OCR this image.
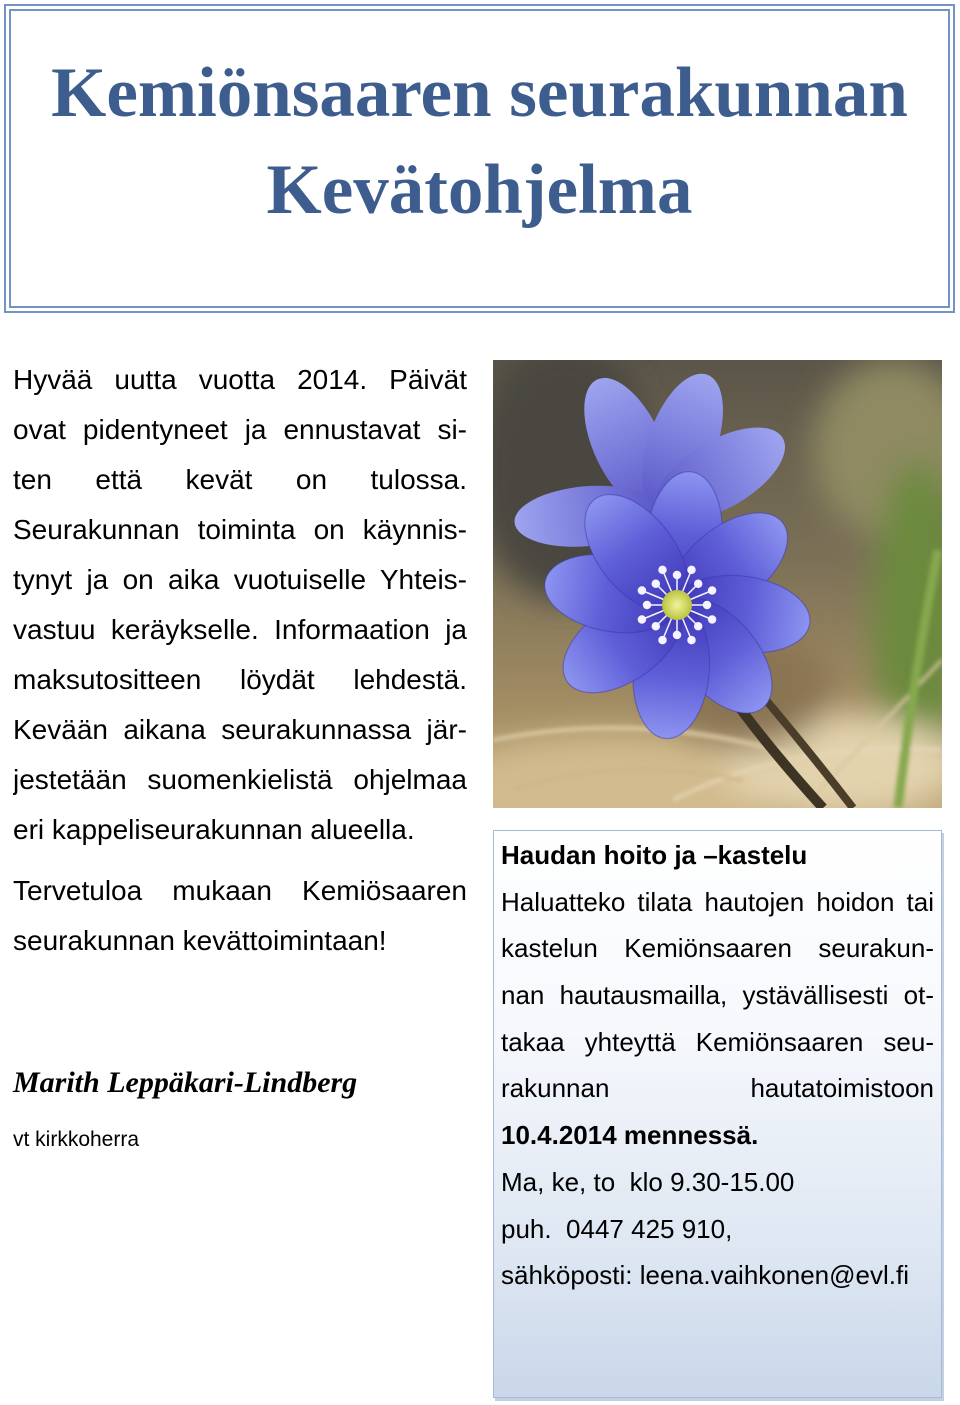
Kemiönsaaren seurakunnan
Kevätohjelma
Hyvää uutta vuotta 2014. Päivät
ovat pidentyneet ja ennustavat si-
ten että kevät on tulossa.
Seurakunnan toiminta on käynnis-
tynyt ja on aika vuotuiselle Yhteis-
vastuu keräykselle. Informaation ja
maksutositteen löydät lehdestä.
Kevään aikana seurakunnassa jär-
jestetään suomenkielistä ohjelmaa
eri kappeliseurakunnan alueella.
Tervetuloa mukaan Kemiösaaren
seurakunnan kevättoimintaan!
Marith Leppäkari-Lindberg
vt kirkkoherra
Haudan hoito ja –kastelu
Haluatteko tilata hautojen hoidon tai
kastelun Kemiönsaaren seurakun-
nan hautausmailla, ystävällisesti ot-
takaa yhteyttä Kemiönsaaren seu-
rakunnan hautatoimistoon
10.4.2014 mennessä.
Ma, ke, to  klo 9.30-15.00
puh.  0447 425 910,
sähköposti: leena.vaihkonen@evl.fi
